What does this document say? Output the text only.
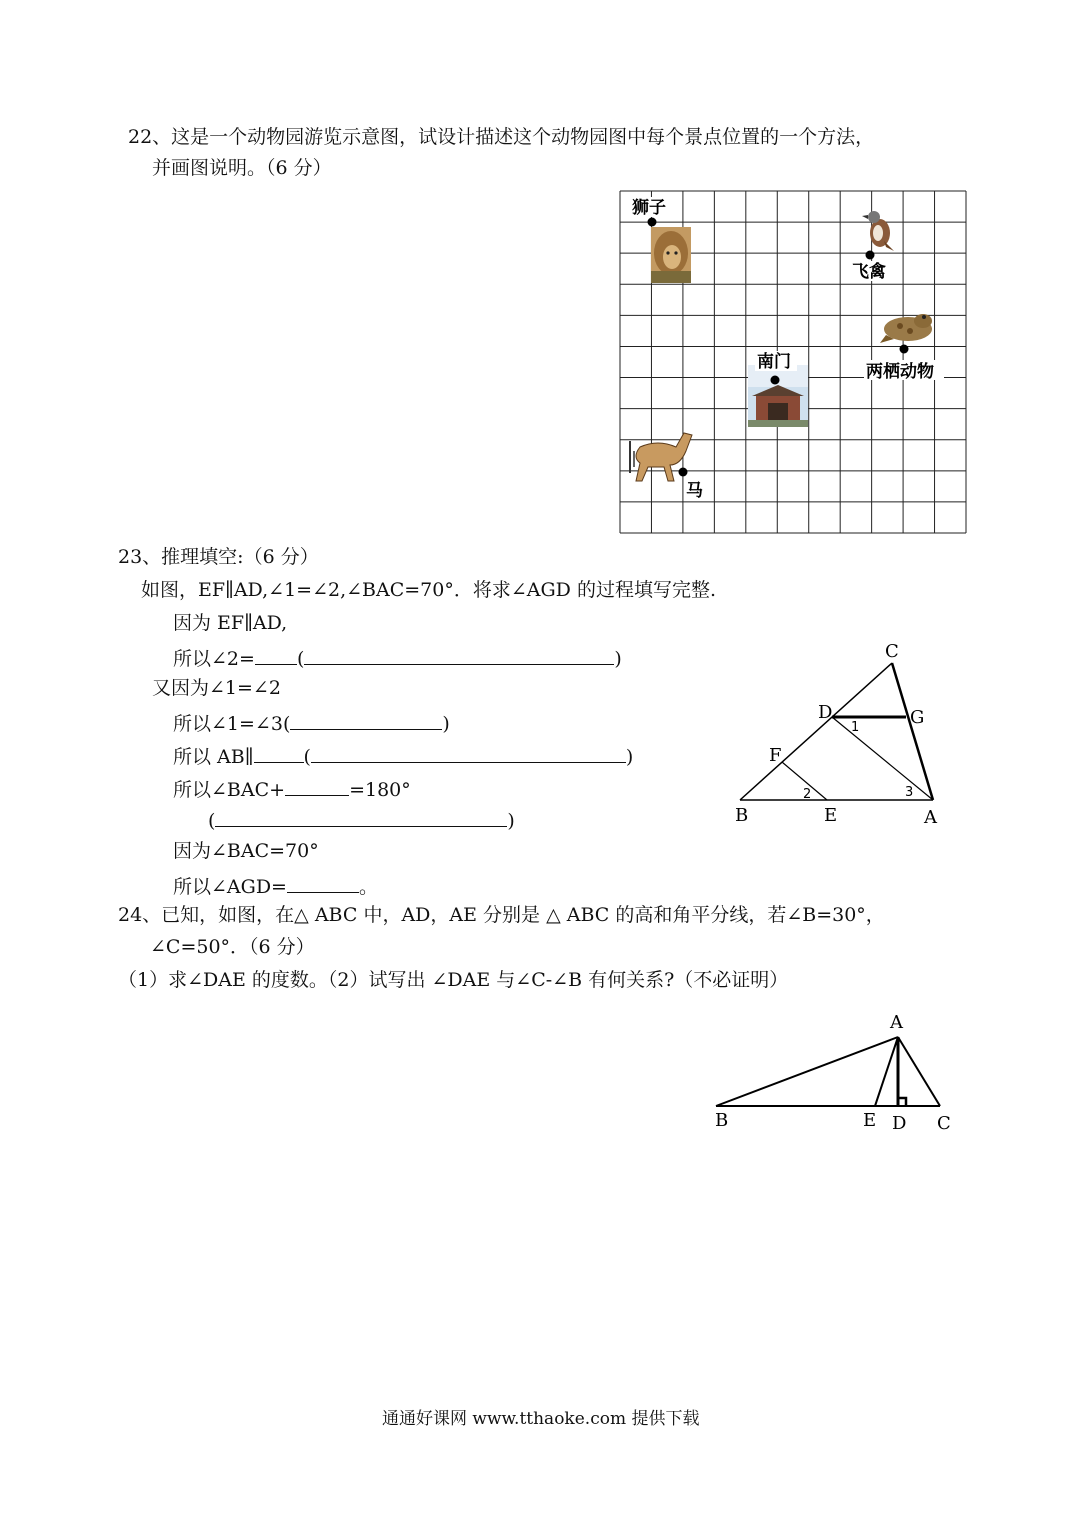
22、这是一个动物园游览示意图，试设计描述这个动物园图中每个景点位置的一个方法，
并画图说明。（6 分）
狮子
飞禽
两栖动物
南门
马
23、推理填空:（6 分）
如图，EF∥AD,∠1=∠2,∠BAC=70°．将求∠AGD 的过程填写完整.
因为 EF∥AD,
所以∠2= (	)
又因为∠1=∠2
所以∠1=∠3(	)
所以 AB∥	(	)
所以∠BAC+	=180°
(	)
因为∠BAC=70°
所以∠AGD=	。
C
D	G
F
B	E	A
1
2	3
24、已知，如图，在△ ABC 中，AD，AE 分别是 △ ABC 的高和角平分线，若∠B=30°，
∠C=50°．（6 分）
（1）求∠DAE 的度数。（2）试写出 ∠DAE 与∠C-∠B 有何关系?（不必证明）
A
B	E D C
通通好课网 www.tthaoke.com 提供下载
